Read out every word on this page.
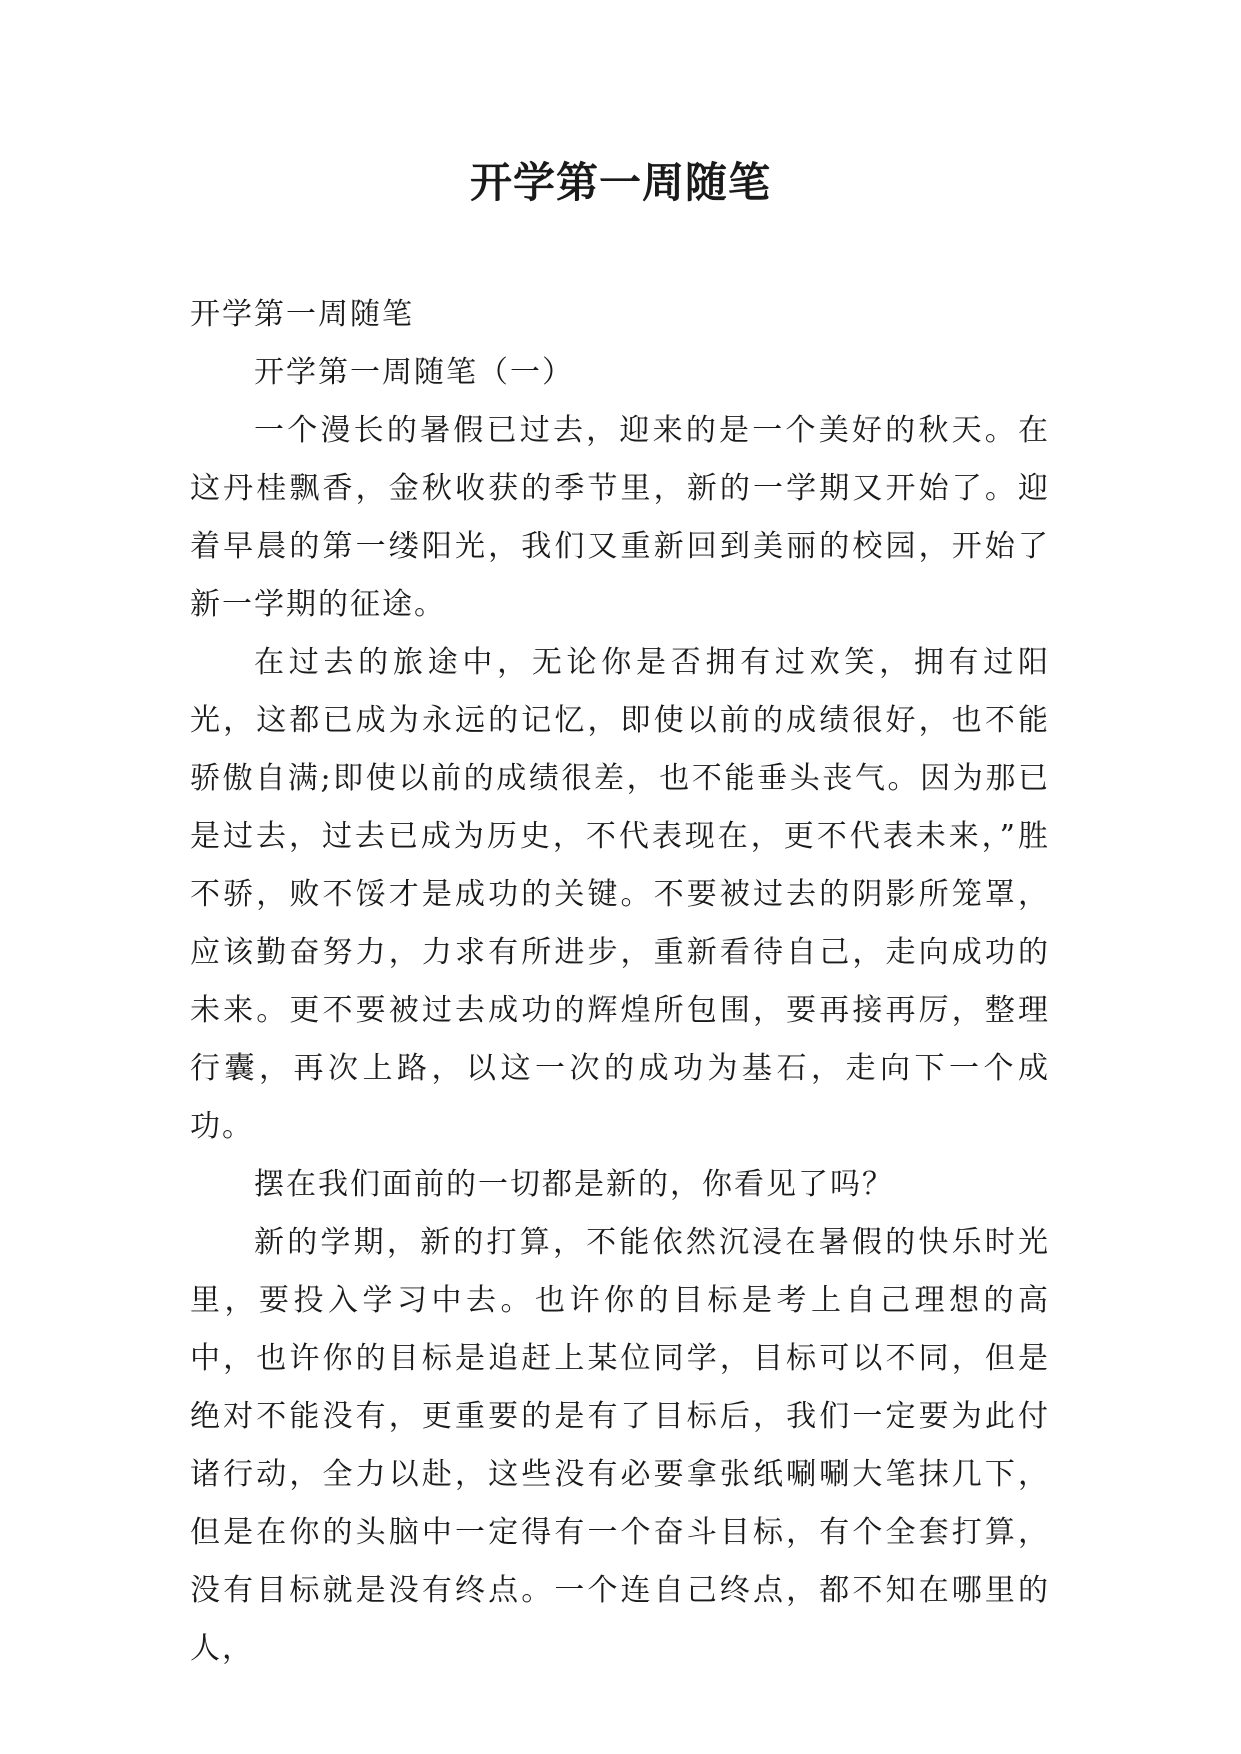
开学第一周随笔

开学第一周随笔

开学第一周随笔（一）

一个漫长的暑假已过去，迎来的是一个美好的秋天。在这丹桂飘香，金秋收获的季节里，新的一学期又开始了。迎着早晨的第一缕阳光，我们又重新回到美丽的校园，开始了新一学期的征途。

在过去的旅途中，无论你是否拥有过欢笑，拥有过阳光，这都已成为永远的记忆，即使以前的成绩很好，也不能骄傲自满;即使以前的成绩很差，也不能垂头丧气。因为那已是过去，过去已成为历史，不代表现在，更不代表未来，”胜不骄，败不馁才是成功的关键。不要被过去的阴影所笼罩，应该勤奋努力，力求有所进步，重新看待自己，走向成功的未来。更不要被过去成功的辉煌所包围，要再接再厉，整理行囊，再次上路，以这一次的成功为基石，走向下一个成功。

摆在我们面前的一切都是新的，你看见了吗？

新的学期，新的打算，不能依然沉浸在暑假的快乐时光里，要投入学习中去。也许你的目标是考上自己理想的高中，也许你的目标是追赶上某位同学，目标可以不同，但是绝对不能没有，更重要的是有了目标后，我们一定要为此付诸行动，全力以赴，这些没有必要拿张纸唰唰大笔抹几下，但是在你的头脑中一定得有一个奋斗目标，有个全套打算，没有目标就是没有终点。一个连自己终点，都不知在哪里的人，
